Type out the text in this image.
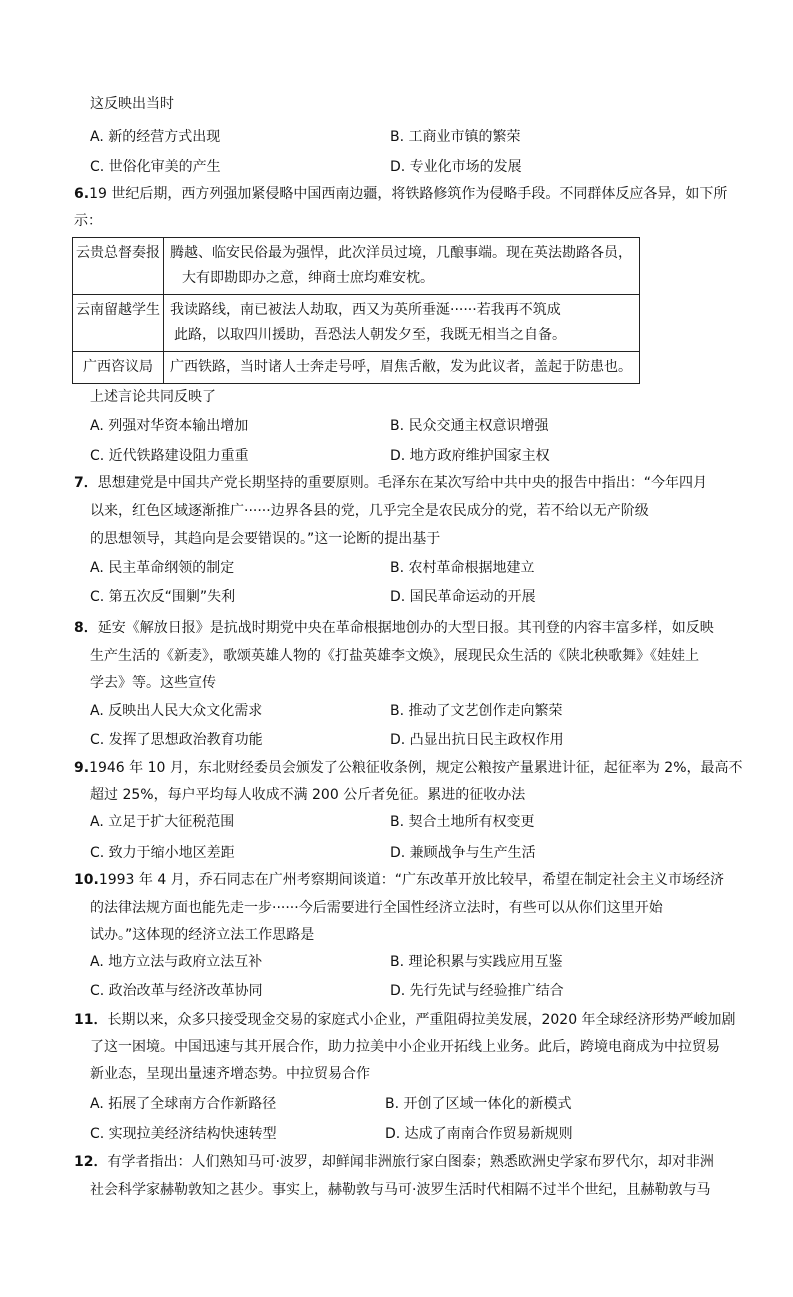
这反映出当时
A. 新的经营方式出现	B. 工商业市镇的繁荣
C. 世俗化审美的产生	D. 专业化市场的发展
6.19 世纪后期，西方列强加紧侵略中国西南边疆，将铁路修筑作为侵略手段。不同群体反应各异，如下所
示：
云贵总督奏报	腾越、临安民俗最为强悍，此次洋员过境，几酿事端。现在英法勘路各员，
大有即勘即办之意，绅商士庶均难安枕。

云南留越学生	我读路线，南已被法人劫取，西又为英所垂涎······若我再不筑成
此路，以取四川援助，吾恐法人朝发夕至，我既无相当之自备。

广西咨议局	广西铁路，当时诸人士奔走号呼，眉焦舌敝，发为此议者，盖起于防患也。
上述言论共同反映了
A. 列强对华资本输出增加	B. 民众交通主权意识增强
C. 近代铁路建设阻力重重	D. 地方政府维护国家主权
7．思想建党是中国共产党长期坚持的重要原则。毛泽东在某次写给中共中央的报告中指出：“今年四月
以来，红色区域逐渐推广······边界各县的党，几乎完全是农民成分的党，若不给以无产阶级
的思想领导，其趋向是会要错误的。”这一论断的提出基于
A. 民主革命纲领的制定	B. 农村革命根据地建立
C. 第五次反“围剿”失利	D. 国民革命运动的开展
8．延安《解放日报》是抗战时期党中央在革命根据地创办的大型日报。其刊登的内容丰富多样，如反映
生产生活的《新麦》，歌颂英雄人物的《打盐英雄李文焕》，展现民众生活的《陕北秧歌舞》《娃娃上
学去》等。这些宣传
A. 反映出人民大众文化需求	B. 推动了文艺创作走向繁荣
C. 发挥了思想政治教育功能	D. 凸显出抗日民主政权作用
9.1946 年 10 月，东北财经委员会颁发了公粮征收条例，规定公粮按产量累进计征，起征率为 2%，最高不
超过 25%，每户平均每人收成不满 200 公斤者免征。累进的征收办法
A. 立足于扩大征税范围	B. 契合土地所有权变更
C. 致力于缩小地区差距	D. 兼顾战争与生产生活
10.1993 年 4 月，乔石同志在广州考察期间谈道：“广东改革开放比较早，希望在制定社会主义市场经济
的法律法规方面也能先走一步······今后需要进行全国性经济立法时，有些可以从你们这里开始
试办。”这体现的经济立法工作思路是
A. 地方立法与政府立法互补	B. 理论积累与实践应用互鉴
C. 政治改革与经济改革协同	D. 先行先试与经验推广结合
11．长期以来，众多只接受现金交易的家庭式小企业，严重阻碍拉美发展，2020 年全球经济形势严峻加剧
了这一困境。中国迅速与其开展合作，助力拉美中小企业开拓线上业务。此后，跨境电商成为中拉贸易
新业态，呈现出量速齐增态势。中拉贸易合作
A. 拓展了全球南方合作新路径	B. 开创了区域一体化的新模式
C. 实现拉美经济结构快速转型	D. 达成了南南合作贸易新规则
12．有学者指出：人们熟知马可·波罗，却鲜闻非洲旅行家白图泰；熟悉欧洲史学家布罗代尔，却对非洲
社会科学家赫勒敦知之甚少。事实上，赫勒敦与马可·波罗生活时代相隔不过半个世纪，且赫勒敦与马
